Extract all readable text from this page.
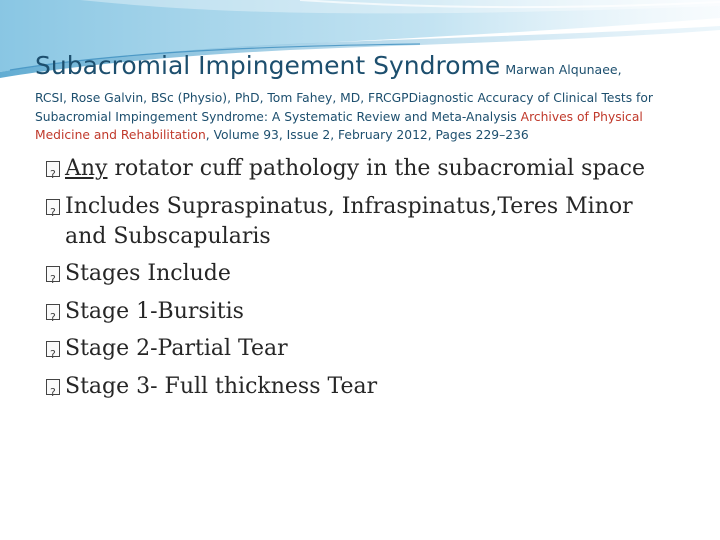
Subacromial Impingement Syndrome Marwan Alqunaee,
RCSI, Rose Galvin, BSc (Physio), PhD, Tom Fahey, MD, FRCGPDiagnostic Accuracy of Clinical Tests for Subacromial Impingement Syndrome: A Systematic Review and Meta-Analysis Archives of Physical Medicine and Rehabilitation, Volume 93, Issue 2, February 2012, Pages 229–236
?
Any rotator cuff pathology in the subacromial space
?
Includes Supraspinatus, Infraspinatus,Teres Minor
and Subscapularis
?
Stages Include
?
Stage 1-Bursitis
?
Stage 2-Partial Tear
?
Stage 3- Full thickness Tear
